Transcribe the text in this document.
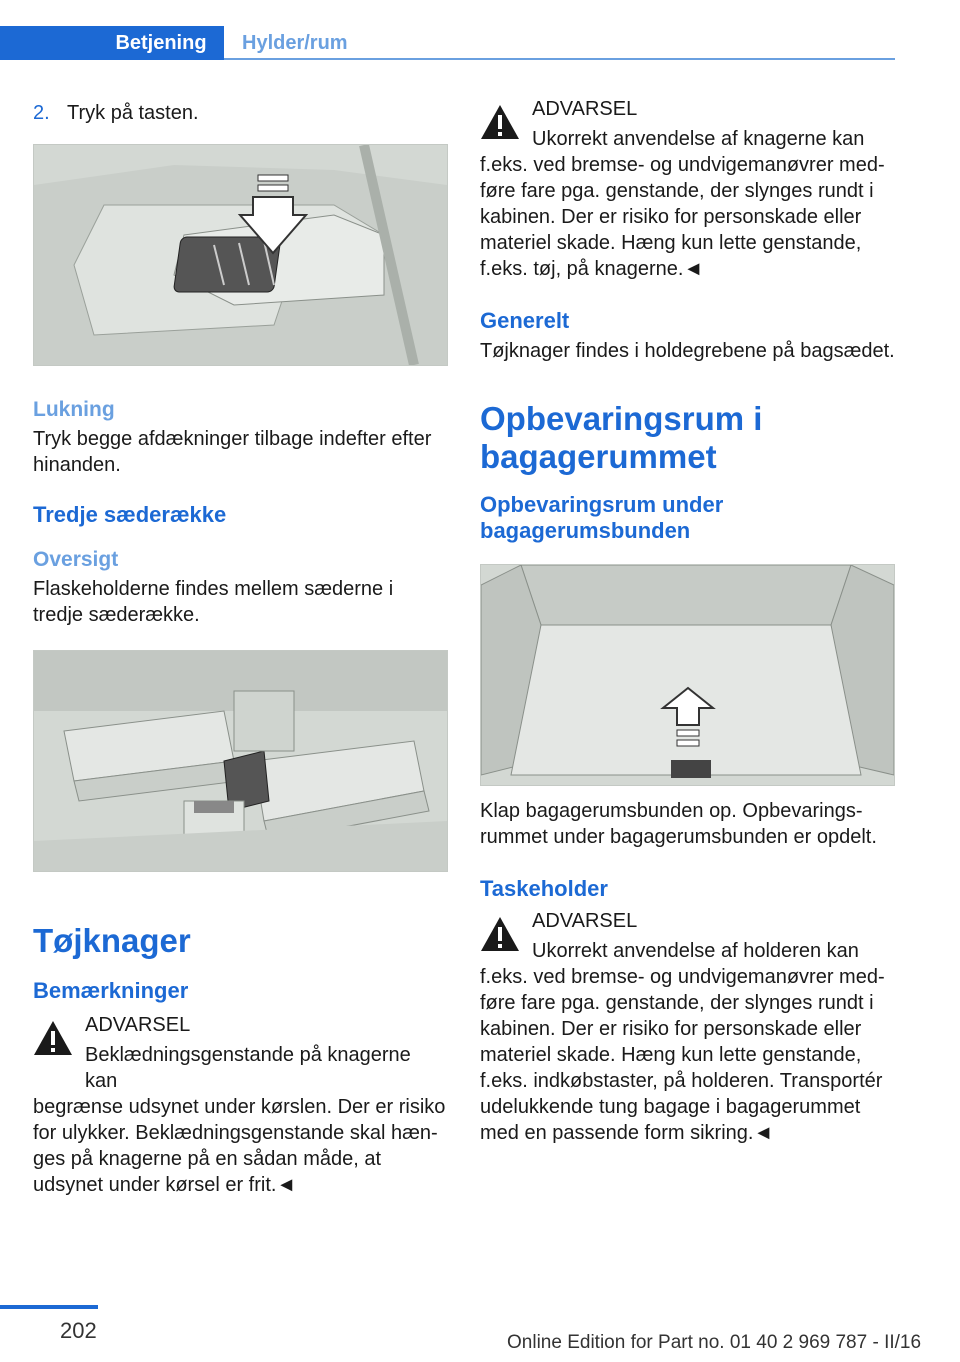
Betjening	Hylder/rum
2. Tryk på tasten.
Lukning

Tryk begge afdækninger tilbage indefter efter hinanden.

Tredje sæderække
Oversigt

Flaskeholderne findes mellem sæderne i tredje sæderække.

Tøjknager
Bemærkninger
ADVARSEL
Beklædningsgenstande på knagerne kan

begrænse udsynet under kørslen. Der er risiko for ulykker. Beklædningsgenstande skal hænges på knagerne på en sådan måde, at udsynet under kørsel er frit.◄

ADVARSEL
Ukorrekt anvendelse af knagerne kan

f.eks. ved bremse- og undvigemanøvrer medføre fare pga. genstande, der slynges rundt i kabinen. Der er risiko for personskade eller materiel skade. Hæng kun lette genstande, f.eks. tøj, på knagerne.◄

Generelt

Tøjknager findes i holdegrebene på bagsædet.

Opbevaringsrum i bagagerummet
Opbevaringsrum under bagagerumsbunden

Klap bagagerumsbunden op. Opbevaringsrummet under bagagerumsbunden er opdelt.

Taskeholder
ADVARSEL
Ukorrekt anvendelse af holderen kan

f.eks. ved bremse- og undvigemanøvrer medføre fare pga. genstande, der slynges rundt i kabinen. Der er risiko for personskade eller materiel skade. Hæng kun lette genstande, f.eks. indkøbstaster, på holderen. Transportér udelukkende tung bagage i bagagerummet med en passende form sikring.◄

202	Online Edition for Part no. 01 40 2 969 787 - II/16
